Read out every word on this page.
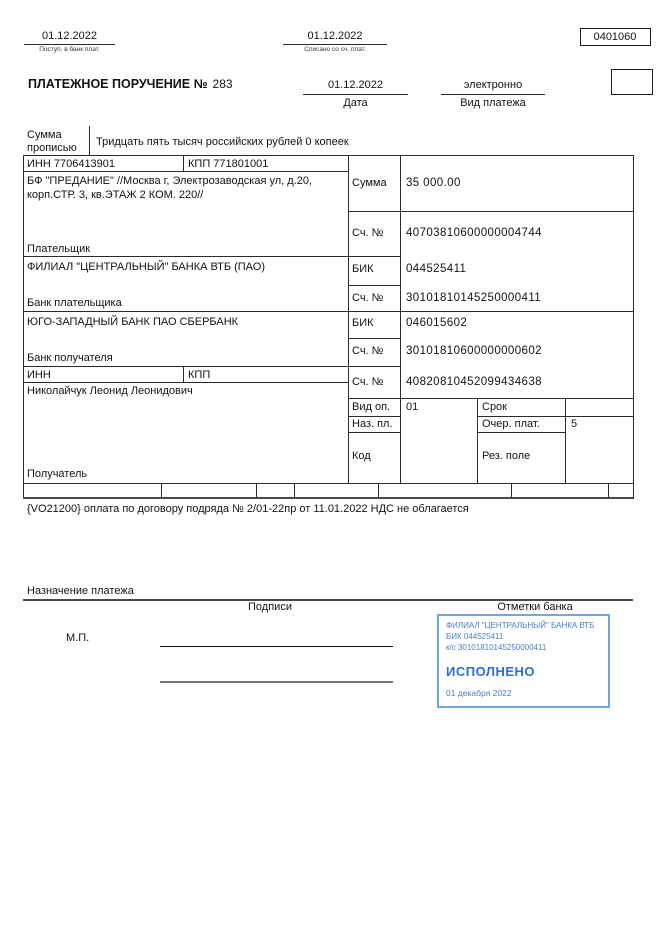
01.12.2022
Поступ. в банк плат.
01.12.2022
Списано со сч. плат.
0401060
ПЛАТЕЖНОЕ ПОРУЧЕНИЕ № 283	01.12.2022
Дата
электронно
Вид платежа
Сумма
прописью Тридцать пять тысяч российских рублей 0 копеек
ИНН 7706413901	КПП 771801001
БФ "ПРЕДАНИЕ" //Москва г, Электрозаводская ул, д.20,
корп.СТР. 3, кв.ЭТАЖ 2 КОМ. 220//
Плательщик
Сумма 35 000.00
Сч. № 40703810600000004744
ФИЛИАЛ "ЦЕНТРАЛЬНЫЙ" БАНКА ВТБ (ПАО)
Банк плательщика
БИК	044525411
Сч. № 30101810145250000411
ЮГО-ЗАПАДНЫЙ БАНК ПАО СБЕРБАНК
Банк получателя
БИК	046015602
Сч. № 30101810600000000602
ИНН	КПП
Николайчук Леонид Леонидович
Получатель
Сч. № 40820810452099434638
Вид оп. 01	Срок
Наз. пл.	Очер. плат.	5
Код	Рез. поле
{VO21200} оплата по договору подряда № 2/01-22пр от 11.01.2022 НДС не облагается
Назначение платежа
Подписи	Отметки банка
М.П.
ФИЛИАЛ "ЦЕНТРАЛЬНЫЙ" БАНКА ВТБ
БИК 044525411
к/с 30101810145250000411
ИСПОЛНЕНО
01 декабря 2022
